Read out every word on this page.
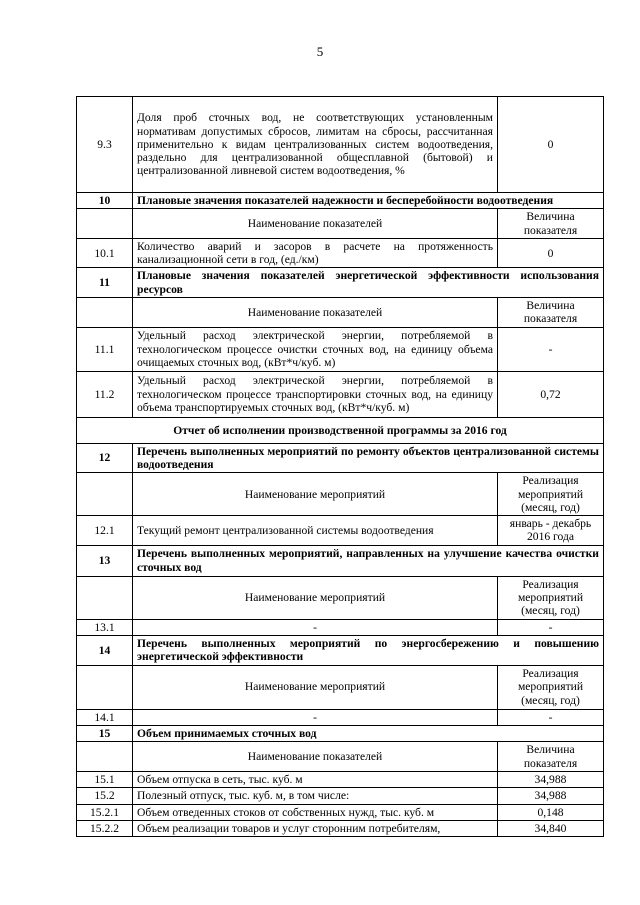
5
9.3	Доля проб сточных вод, не соответствующих установленным нормативам допустимых сбросов, лимитам на сбросы, рассчитанная применительно к видам централизованных систем водоотведения, раздельно для централизованной общесплавной (бытовой) и централизованной ливневой систем водоотведения, %	0
10	Плановые значения показателей надежности и бесперебойности водоотведения	
	Наименование показателей	Величина показателя
10.1	Количество аварий и засоров в расчете на протяженность канализационной сети в год, (ед./км)	0
11	Плановые значения показателей энергетической эффективности использования ресурсов	
	Наименование показателей	Величина показателя
11.1	Удельный расход электрической энергии, потребляемой в технологическом процессе очистки сточных вод, на единицу объема очищаемых сточных вод, (кВт*ч/куб. м)	-
11.2	Удельный расход электрической энергии, потребляемой в технологическом процессе транспортировки сточных вод, на единицу объема транспортируемых сточных вод, (кВт*ч/куб. м)	0,72
Отчет об исполнении производственной программы за 2016 год		
12	Перечень выполненных мероприятий по ремонту объектов централизованной системы водоотведения	
	Наименование мероприятий	Реализация мероприятий (месяц, год)
12.1	Текущий ремонт централизованной системы водоотведения	январь - декабрь 2016 года
13	Перечень выполненных мероприятий, направленных на улучшение качества очистки сточных вод	
	Наименование мероприятий	Реализация мероприятий (месяц, год)
13.1	-	-
14	Перечень выполненных мероприятий по энергосбережению и повышению энергетической эффективности	
	Наименование мероприятий	Реализация мероприятий (месяц, год)
14.1	-	-
15	Объем принимаемых сточных вод	
	Наименование показателей	Величина показателя
15.1	Объем отпуска в сеть, тыс. куб. м	34,988
15.2	Полезный отпуск, тыс. куб. м, в том числе:	34,988
15.2.1	Объем отведенных стоков от собственных нужд, тыс. куб. м	0,148
15.2.2	Объем реализации товаров и услуг сторонним потребителям,	34,840
